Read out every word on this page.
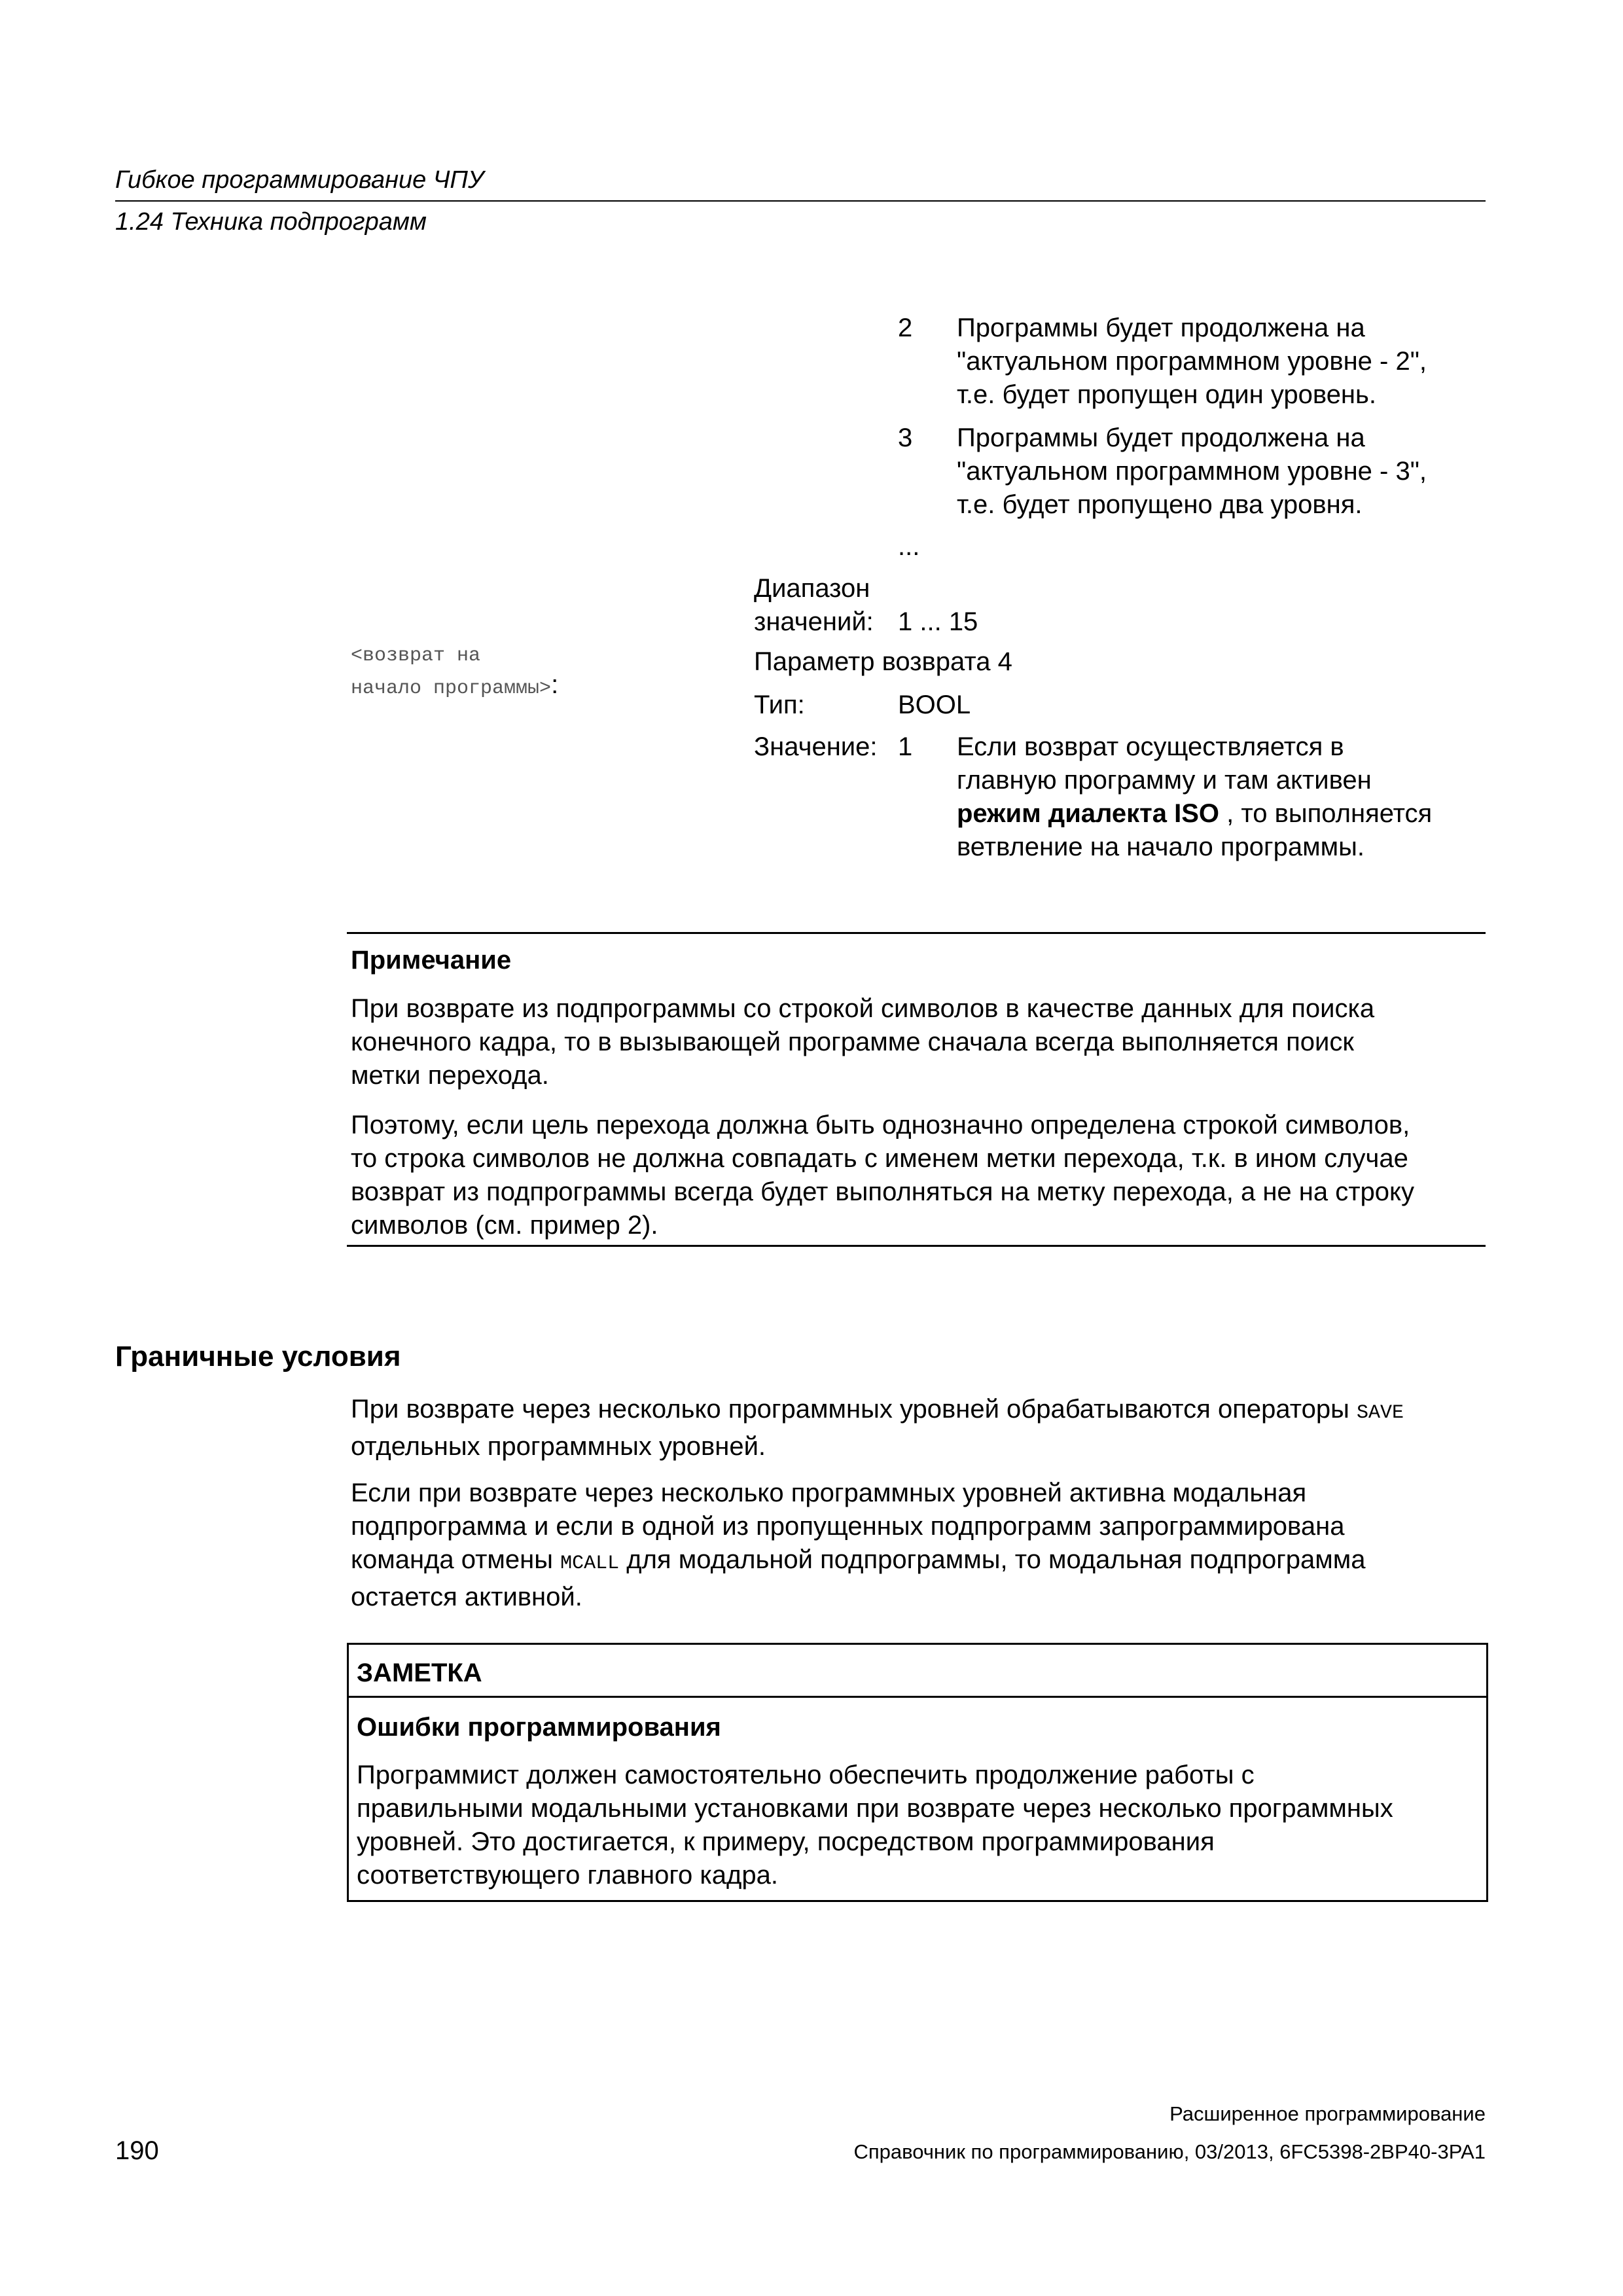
Гибкое программирование ЧПУ
1.24 Техника подпрограмм
2 Программы будет продолжена на
"актуальном программном уровне - 2",
т.е. будет пропущен один уровень.
3 Программы будет продолжена на
"актуальном программном уровне - 3",
т.е. будет пропущено два уровня.
...
Диапазон
значений: 1 ... 15
<возврат на
начало программы>:
Параметр возврата 4
Тип:	BOOL
Значение: 1 Если возврат осуществляется в
главную программу и там активен
режим диалекта ISO , то выполняется
ветвление на начало программы.
Примечание
При возврате из подпрограммы со строкой символов в качестве данных для поиска
конечного кадра, то в вызывающей программе сначала всегда выполняется поиск
метки перехода.
Поэтому, если цель перехода должна быть однозначно определена строкой символов,
то строка символов не должна совпадать с именем метки перехода, т.к. в ином случае
возврат из подпрограммы всегда будет выполняться на метку перехода, а не на строку
символов (см. пример 2).
Граничные условия
При возврате через несколько программных уровней обрабатываются операторы SAVE
отдельных программных уровней.
Если при возврате через несколько программных уровней активна модальная
подпрограмма и если в одной из пропущенных подпрограмм запрограммирована
команда отмены MCALL для модальной подпрограммы, то модальная подпрограмма
остается активной.
ЗАМЕТКА
Ошибки программирования
Программист должен самостоятельно обеспечить продолжение работы с
правильными модальными установками при возврате через несколько программных
уровней. Это достигается, к примеру, посредством программирования
соответствующего главного кадра.
Расширенное программирование
190	Справочник по программированию, 03/2013, 6FC5398-2BP40-3PA1
